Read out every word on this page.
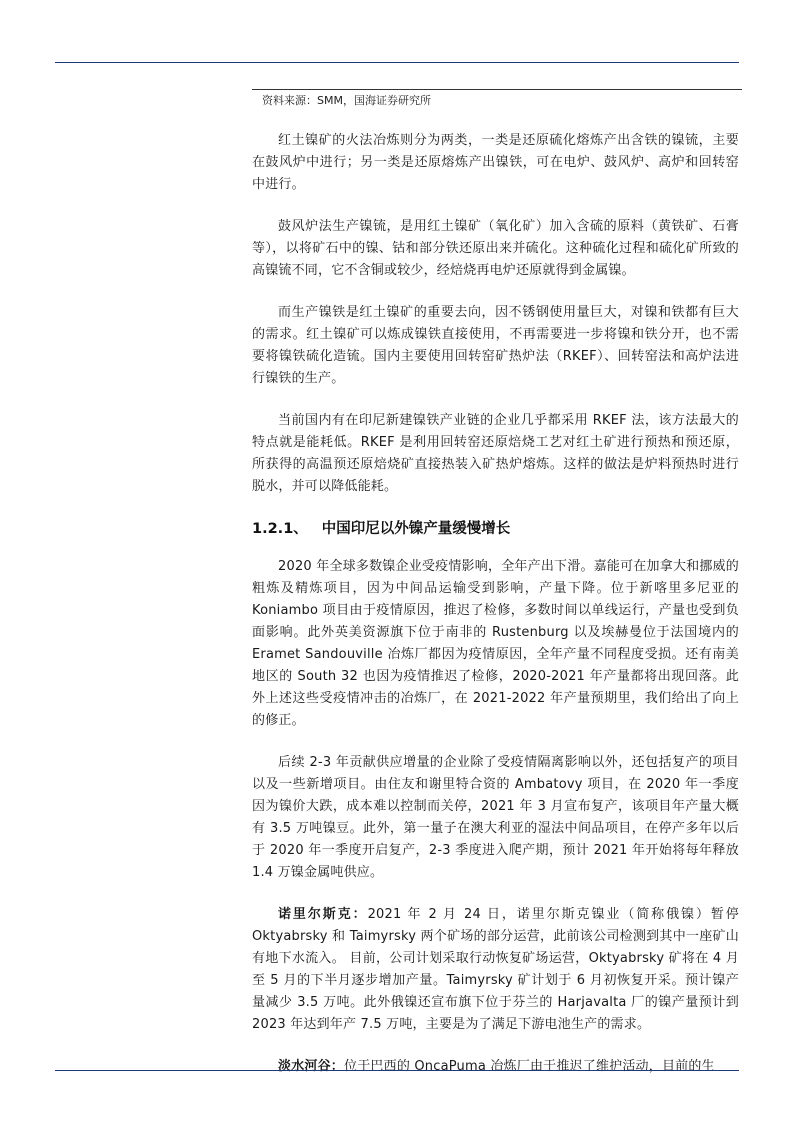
资料来源：SMM，国海证券研究所

红土镍矿的火法冶炼则分为两类，一类是还原硫化熔炼产出含铁的镍锍，主要在鼓风炉中进行；另一类是还原熔炼产出镍铁，可在电炉、鼓风炉、高炉和回转窑中进行。

鼓风炉法生产镍锍，是用红土镍矿（氧化矿）加入含硫的原料（黄铁矿、石膏等），以将矿石中的镍、钴和部分铁还原出来并硫化。这种硫化过程和硫化矿所致的高镍锍不同，它不含铜或较少，经焙烧再电炉还原就得到金属镍。

而生产镍铁是红土镍矿的重要去向，因不锈钢使用量巨大，对镍和铁都有巨大的需求。红土镍矿可以炼成镍铁直接使用，不再需要进一步将镍和铁分开，也不需要将镍铁硫化造锍。国内主要使用回转窑矿热炉法（RKEF）、回转窑法和高炉法进行镍铁的生产。

当前国内有在印尼新建镍铁产业链的企业几乎都采用 RKEF 法，该方法最大的特点就是能耗低。RKEF 是利用回转窑还原焙烧工艺对红土矿进行预热和预还原，所获得的高温预还原焙烧矿直接热装入矿热炉熔炼。这样的做法是炉料预热时进行脱水，并可以降低能耗。

1.2.1、 中国印尼以外镍产量缓慢增长

2020 年全球多数镍企业受疫情影响，全年产出下滑。嘉能可在加拿大和挪威的粗炼及精炼项目，因为中间品运输受到影响，产量下降。位于新喀里多尼亚的 Koniambo 项目由于疫情原因，推迟了检修，多数时间以单线运行，产量也受到负面影响。此外英美资源旗下位于南非的 Rustenburg 以及埃赫曼位于法国境内的 Eramet Sandouville 冶炼厂都因为疫情原因，全年产量不同程度受损。还有南美地区的 South 32 也因为疫情推迟了检修，2020-2021 年产量都将出现回落。此外上述这些受疫情冲击的冶炼厂，在 2021-2022 年产量预期里，我们给出了向上的修正。

后续 2-3 年贡献供应增量的企业除了受疫情隔离影响以外，还包括复产的项目以及一些新增项目。由住友和谢里特合资的 Ambatovy 项目，在 2020 年一季度因为镍价大跌，成本难以控制而关停，2021 年 3 月宣布复产，该项目年产量大概有 3.5 万吨镍豆。此外，第一量子在澳大利亚的湿法中间品项目，在停产多年以后于 2020 年一季度开启复产，2-3 季度进入爬产期，预计 2021 年开始将每年释放 1.4 万镍金属吨供应。

诺里尔斯克：2021 年 2 月 24 日，诺里尔斯克镍业（简称俄镍）暂停 Oktyabrsky 和 Taimyrsky 两个矿场的部分运营，此前该公司检测到其中一座矿山有地下水流入。 目前，公司计划采取行动恢复矿场运营，Oktyabrsky 矿将在 4 月至 5 月的下半月逐步增加产量。Taimyrsky 矿计划于 6 月初恢复开采。预计镍产量减少 3.5 万吨。此外俄镍还宣布旗下位于芬兰的 Harjavalta 厂的镍产量预计到 2023 年达到年产 7.5 万吨，主要是为了满足下游电池生产的需求。

淡水河谷：位于巴西的 OncaPuma 冶炼厂由于推迟了维护活动，目前的生
